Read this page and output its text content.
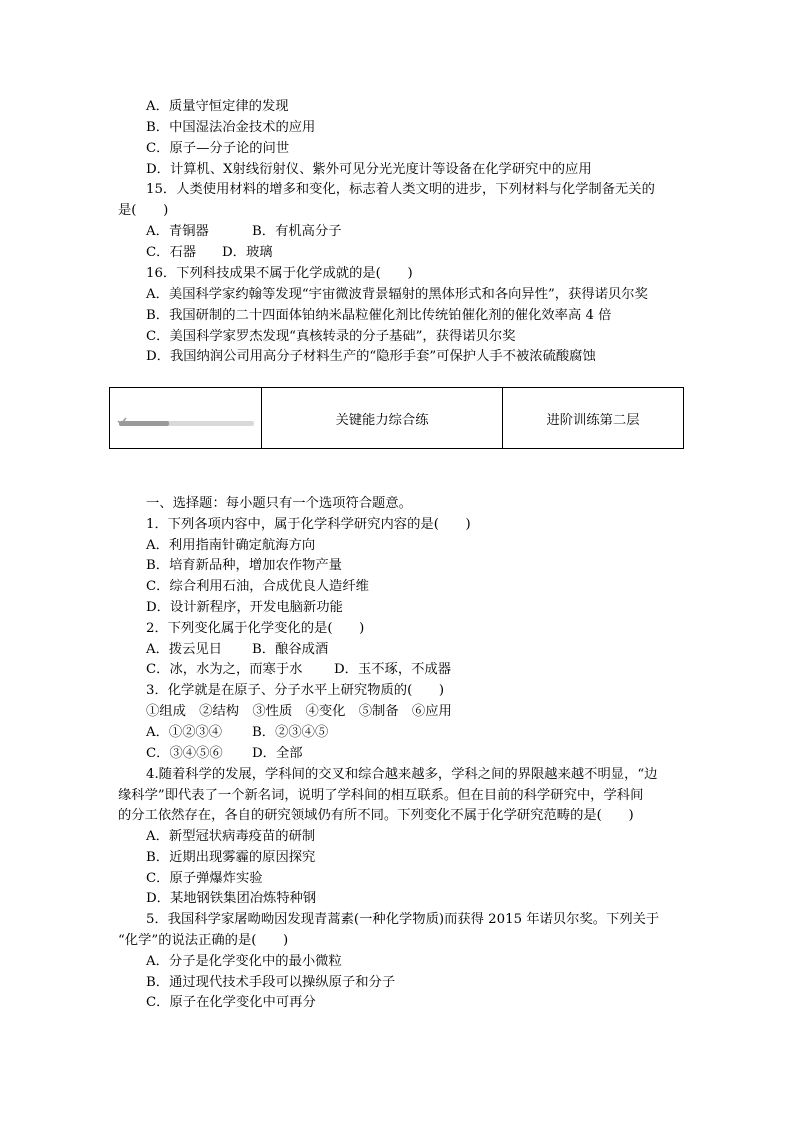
A．质量守恒定律的发现
B．中国湿法冶金技术的应用
C．原子—分子论的问世
D．计算机、X射线衍射仪、紫外可见分光光度计等设备在化学研究中的应用
15．人类使用材料的增多和变化，标志着人类文明的进步，下列材料与化学制备无关的
是(　　)
A．青铜器	B．有机高分子
C．石器	D．玻璃
16．下列科技成果不属于化学成就的是(　　)
A．美国科学家约翰等发现“宇宙微波背景辐射的黑体形式和各向异性”，获得诺贝尔奖
B．我国研制的二十四面体铂纳米晶粒催化剂比传统铂催化剂的催化效率高 4 倍
C．美国科学家罗杰发现“真核转录的分子基础”，获得诺贝尔奖
D．我国纳润公司用高分子材料生产的“隐形手套”可保护人手不被浓硫酸腐蚀
关键能力综合练	进阶训练第二层
一、选择题：每小题只有一个选项符合题意。
1．下列各项内容中，属于化学科学研究内容的是(　　)
A．利用指南针确定航海方向
B．培育新品种，增加农作物产量
C．综合利用石油，合成优良人造纤维
D．设计新程序，开发电脑新功能
2．下列变化属于化学变化的是(　　)
A．拨云见日	B．酿谷成酒
C．冰，水为之，而寒于水	D．玉不琢，不成器
3．化学就是在原子、分子水平上研究物质的(　　)
①组成　②结构　③性质　④变化　⑤制备　⑥应用
A．①②③④	B．②③④⑤
C．③④⑤⑥	D．全部
4.随着科学的发展，学科间的交叉和综合越来越多，学科之间的界限越来越不明显，“边
缘科学”即代表了一个新名词，说明了学科间的相互联系。但在目前的科学研究中，学科间
的分工依然存在，各自的研究领域仍有所不同。下列变化不属于化学研究范畴的是(　　)
A．新型冠状病毒疫苗的研制
B．近期出现雾霾的原因探究
C．原子弹爆炸实验
D．某地钢铁集团冶炼特种钢
5．我国科学家屠呦呦因发现青蒿素(一种化学物质)而获得 2015 年诺贝尔奖。下列关于
“化学”的说法正确的是(　　)
A．分子是化学变化中的最小微粒
B．通过现代技术手段可以操纵原子和分子
C．原子在化学变化中可再分
